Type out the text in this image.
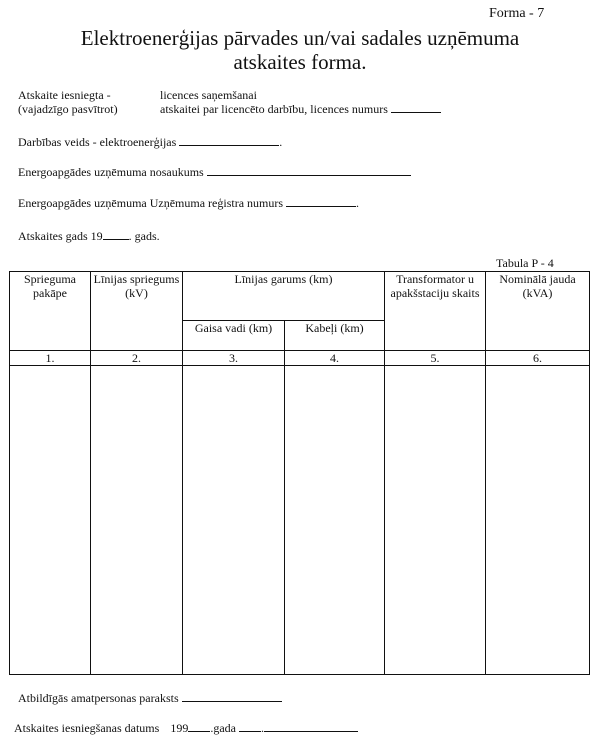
Forma - 7
Elektroenerģijas pārvades un/vai sadales uzņēmuma
atskaites forma.
Atskaite iesniegta -	licences saņemšanai
(vajadzīgo pasvītrot)	atskaitei par licencēto darbību, licences numurs
Darbības veids - elektroenerģijas	.
Energoapgādes uzņēmuma nosaukums
Energoapgādes uzņēmuma Uzņēmuma reģistra numurs	.
Atskaites gads 19 . gads.
Tabula P - 4
Sprieguma pakāpe	Līnijas spriegums (kV)	Līnijas garums (km)		Transformator u apakšstaciju skaits	Nominālā jauda (kVA)
		Gaisa vadi (km)	Kabeļi (km)		
1.	2.	3.	4.	5.	6.

Atbildīgās amatpersonas paraksts
Atskaites iesniegšanas datums 199 .gada .
